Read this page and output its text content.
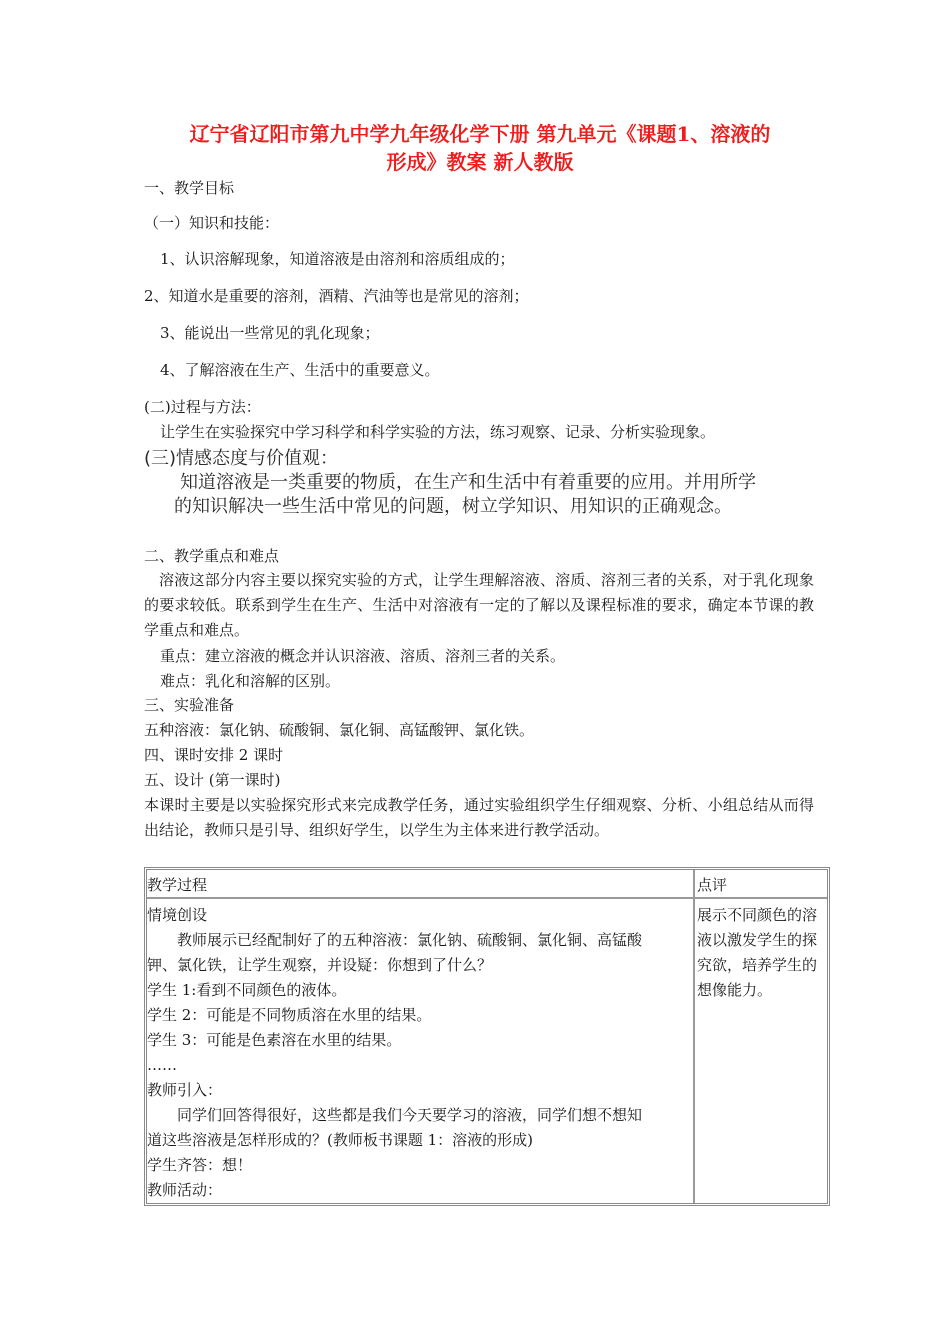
辽宁省辽阳市第九中学九年级化学下册 第九单元《课题1、溶液的
形成》教案 新人教版
一、教学目标
（一）知识和技能：
1、认识溶解现象，知道溶液是由溶剂和溶质组成的；
2、知道水是重要的溶剂，酒精、汽油等也是常见的溶剂；
3、能说出一些常见的乳化现象；
4、了解溶液在生产、生活中的重要意义。
(二)过程与方法：
让学生在实验探究中学习科学和科学实验的方法，练习观察、记录、分析实验现象。
(三)情感态度与价值观：
知道溶液是一类重要的物质，在生产和生活中有着重要的应用。并用所学
的知识解决一些生活中常见的问题，树立学知识、用知识的正确观念。
二、教学重点和难点
溶液这部分内容主要以探究实验的方式，让学生理解溶液、溶质、溶剂三者的关系，对于乳化现象的要求较低。联系到学生在生产、生活中对溶液有一定的了解以及课程标准的要求，确定本节课的教学重点和难点。
重点：建立溶液的概念并认识溶液、溶质、溶剂三者的关系。
难点：乳化和溶解的区别。
三、实验准备
五种溶液：氯化钠、硫酸铜、氯化铜、高锰酸钾、氯化铁。
四、课时安排 2 课时
五、设计 (第一课时)
本课时主要是以实验探究形式来完成教学任务，通过实验组织学生仔细观察、分析、小组总结从而得出结论，教师只是引导、组织好学生，以学生为主体来进行教学活动。
教学过程	点评
情境创设
　　教师展示已经配制好了的五种溶液：氯化钠、硫酸铜、氯化铜、高锰酸
钾、氯化铁，让学生观察，并设疑：你想到了什么？
学生 1:看到不同颜色的液体。
学生 2：可能是不同物质溶在水里的结果。
学生 3：可能是色素溶在水里的结果。
……
教师引入：
　　同学们回答得很好，这些都是我们今天要学习的溶液，同学们想不想知
道这些溶液是怎样形成的？(教师板书课题 1：溶液的形成)
学生齐答：想！
教师活动：
展示不同颜色的溶
液以激发学生的探
究欲，培养学生的
想像能力。
